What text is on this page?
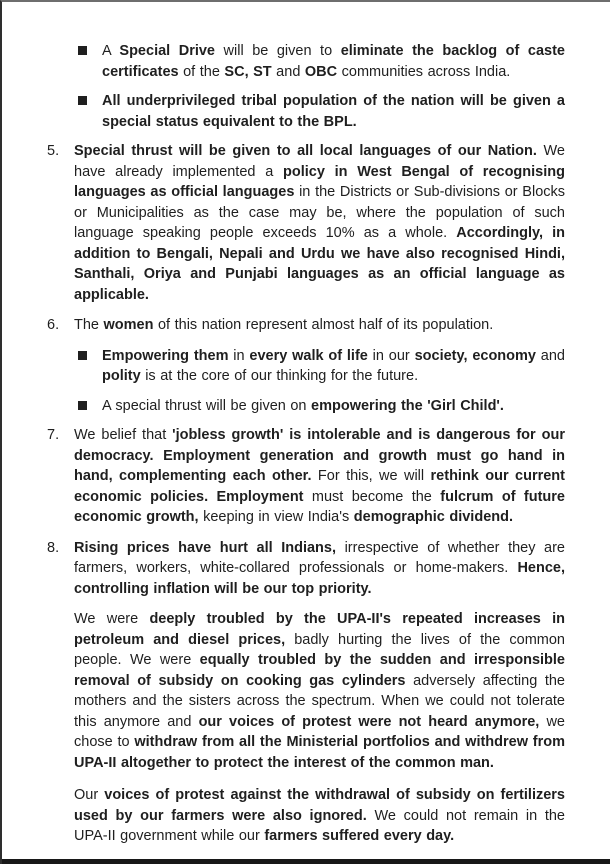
A Special Drive will be given to eliminate the backlog of caste certificates of the SC, ST and OBC communities across India.

All underprivileged tribal population of the nation will be given a special status equivalent to the BPL.

5.	Special thrust will be given to all local languages of our Nation. We have already implemented a policy in West Bengal of recognising languages as official languages in the Districts or Sub-divisions or Blocks or Municipalities as the case may be, where the population of such language speaking people exceeds 10% as a whole. Accordingly, in addition to Bengali, Nepali and Urdu we have also recognised Hindi, Santhali, Oriya and Punjabi languages as an official language as applicable.

6.	The women of this nation represent almost half of its population.

Empowering them in every walk of life in our society, economy and polity is at the core of our thinking for the future.

A special thrust will be given on empowering the 'Girl Child'.

7.	We belief that 'jobless growth' is intolerable and is dangerous for our democracy. Employment generation and growth must go hand in hand, complementing each other. For this, we will rethink our current economic policies. Employment must become the fulcrum of future economic growth, keeping in view India's demographic dividend.

8.	Rising prices have hurt all Indians, irrespective of whether they are farmers, workers, white-collared professionals or home-makers. Hence, controlling inflation will be our top priority.

We were deeply troubled by the UPA-II's repeated increases in petroleum and diesel prices, badly hurting the lives of the common people. We were equally troubled by the sudden and irresponsible removal of subsidy on cooking gas cylinders adversely affecting the mothers and the sisters across the spectrum. When we could not tolerate this anymore and our voices of protest were not heard anymore, we chose to withdraw from all the Ministerial portfolios and withdrew from UPA-II altogether to protect the interest of the common man.

Our voices of protest against the withdrawal of subsidy on fertilizers used by our farmers were also ignored. We could not remain in the UPA-II government while our farmers suffered every day.
